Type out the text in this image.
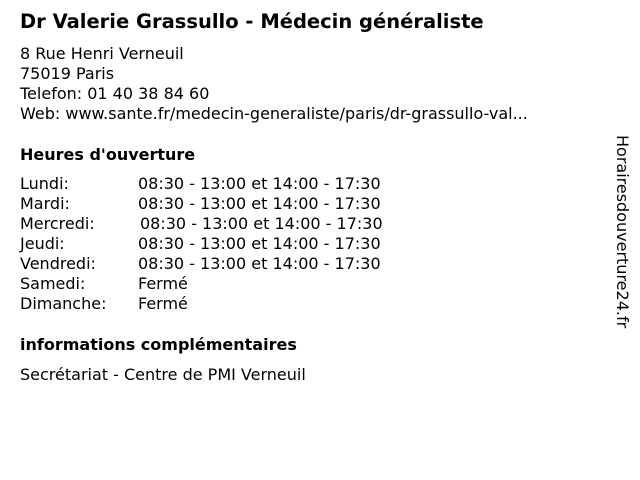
Dr Valerie Grassullo - Médecin généraliste
8 Rue Henri Verneuil
75019 Paris
Telefon: 01 40 38 84 60
Web: www.sante.fr/medecin-generaliste/paris/dr-grassullo-val...
Heures d'ouverture
Lundi:	08:30 - 13:00 et 14:00 - 17:30
Mardi:	08:30 - 13:00 et 14:00 - 17:30
Mercredi:	08:30 - 13:00 et 14:00 - 17:30
Jeudi:	08:30 - 13:00 et 14:00 - 17:30
Vendredi:	08:30 - 13:00 et 14:00 - 17:30
Samedi:	Fermé
Dimanche: Fermé
informations complémentaires
Secrétariat - Centre de PMI Verneuil
Horairesdouverture24.fr
